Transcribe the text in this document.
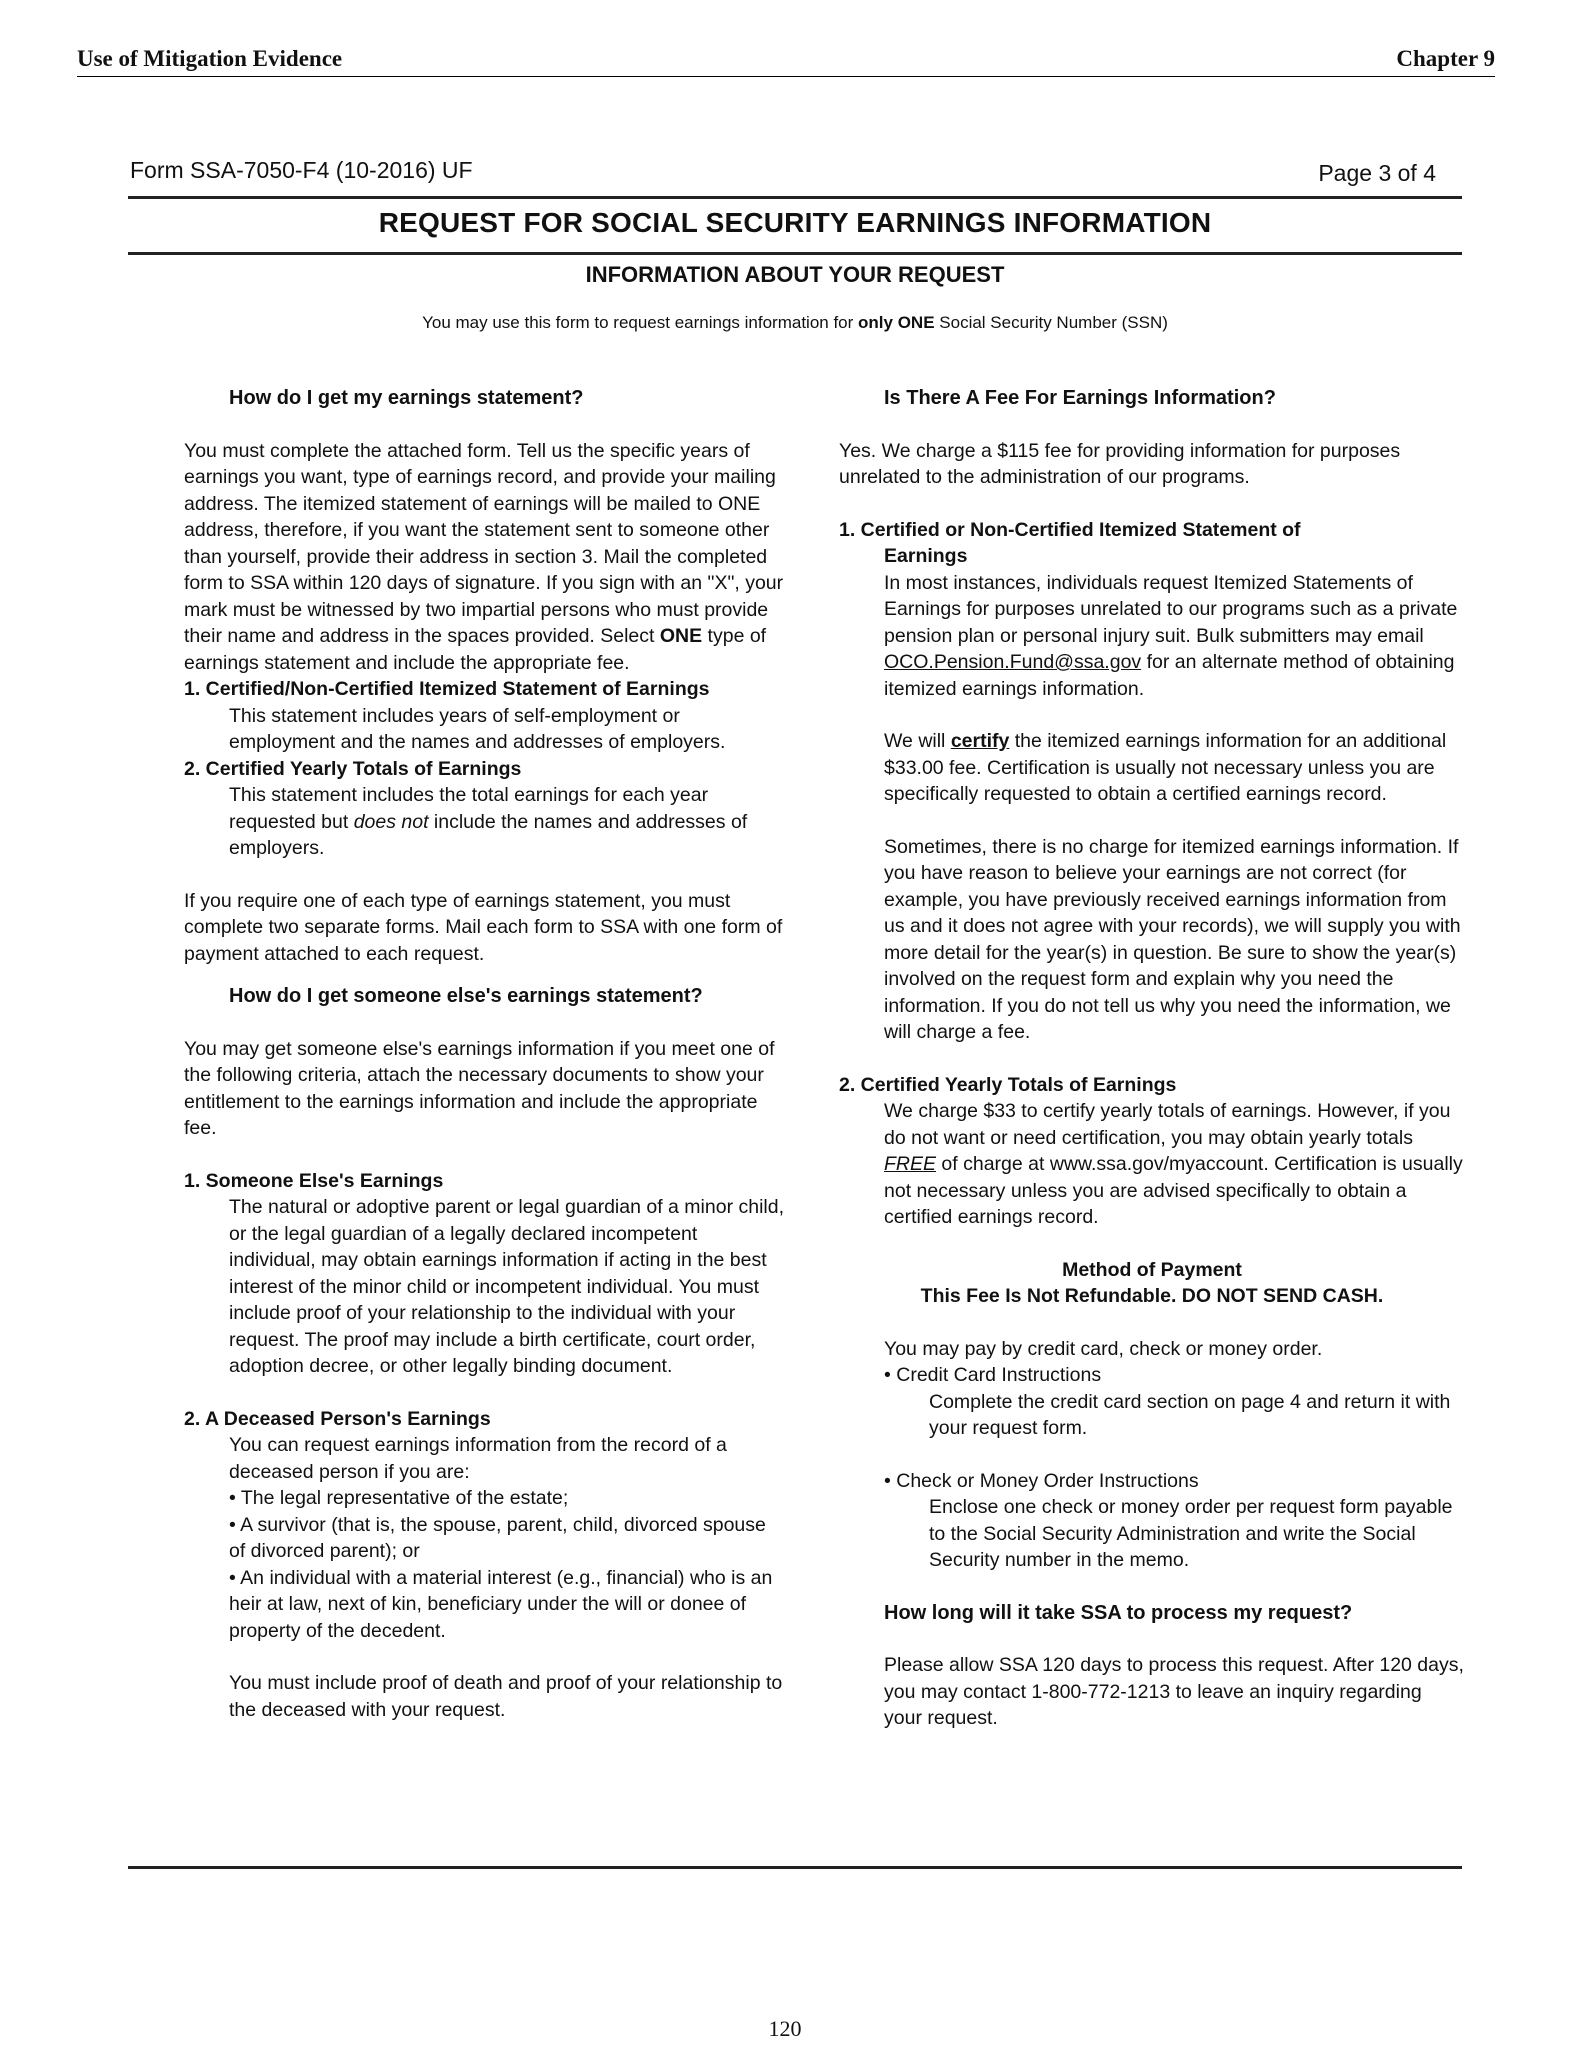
Use of Mitigation Evidence	Chapter 9
Form SSA-7050-F4 (10-2016) UF	Page 3 of 4
REQUEST FOR SOCIAL SECURITY EARNINGS INFORMATION
INFORMATION ABOUT YOUR REQUEST
You may use this form to request earnings information for only ONE Social Security Number (SSN)

How do I get my earnings statement?

You must complete the attached form. Tell us the specific years of earnings you want, type of earnings record, and provide your mailing address. The itemized statement of earnings will be mailed to ONE address, therefore, if you want the statement sent to someone other than yourself, provide their address in section 3. Mail the completed form to SSA within 120 days of signature. If you sign with an "X", your mark must be witnessed by two impartial persons who must provide their name and address in the spaces provided. Select ONE type of earnings statement and include the appropriate fee.

1. Certified/Non-Certified Itemized Statement of Earnings

This statement includes years of self-employment or employment and the names and addresses of employers.

2. Certified Yearly Totals of Earnings

This statement includes the total earnings for each year requested but does not include the names and addresses of employers.

If you require one of each type of earnings statement, you must complete two separate forms. Mail each form to SSA with one form of payment attached to each request.

How do I get someone else's earnings statement?

You may get someone else's earnings information if you meet one of the following criteria, attach the necessary documents to show your entitlement to the earnings information and include the appropriate fee.

1. Someone Else's Earnings

The natural or adoptive parent or legal guardian of a minor child, or the legal guardian of a legally declared incompetent individual, may obtain earnings information if acting in the best interest of the minor child or incompetent individual. You must include proof of your relationship to the individual with your request. The proof may include a birth certificate, court order, adoption decree, or other legally binding document.

2. A Deceased Person's Earnings

You can request earnings information from the record of a deceased person if you are:

• The legal representative of the estate;

• A survivor (that is, the spouse, parent, child, divorced spouse of divorced parent); or

• An individual with a material interest (e.g., financial) who is an heir at law, next of kin, beneficiary under the will or donee of property of the decedent.

You must include proof of death and proof of your relationship to the deceased with your request.

Is There A Fee For Earnings Information?

Yes. We charge a $115 fee for providing information for purposes unrelated to the administration of our programs.

1. Certified or Non-Certified Itemized Statement of

Earnings

In most instances, individuals request Itemized Statements of Earnings for purposes unrelated to our programs such as a private pension plan or personal injury suit. Bulk submitters may email OCO.Pension.Fund@ssa.gov for an alternate method of obtaining itemized earnings information.

We will certify the itemized earnings information for an additional $33.00 fee. Certification is usually not necessary unless you are specifically requested to obtain a certified earnings record.

Sometimes, there is no charge for itemized earnings information. If you have reason to believe your earnings are not correct (for example, you have previously received earnings information from us and it does not agree with your records), we will supply you with more detail for the year(s) in question. Be sure to show the year(s) involved on the request form and explain why you need the information. If you do not tell us why you need the information, we will charge a fee.

2. Certified Yearly Totals of Earnings

We charge $33 to certify yearly totals of earnings. However, if you do not want or need certification, you may obtain yearly totals FREE of charge at www.ssa.gov/myaccount. Certification is usually not necessary unless you are advised specifically to obtain a certified earnings record.

Method of Payment

This Fee Is Not Refundable. DO NOT SEND CASH.

You may pay by credit card, check or money order.

• Credit Card Instructions

Complete the credit card section on page 4 and return it with your request form.

• Check or Money Order Instructions

Enclose one check or money order per request form payable to the Social Security Administration and write the Social Security number in the memo.

How long will it take SSA to process my request?

Please allow SSA 120 days to process this request. After 120 days, you may contact 1-800-772-1213 to leave an inquiry regarding your request.

120
